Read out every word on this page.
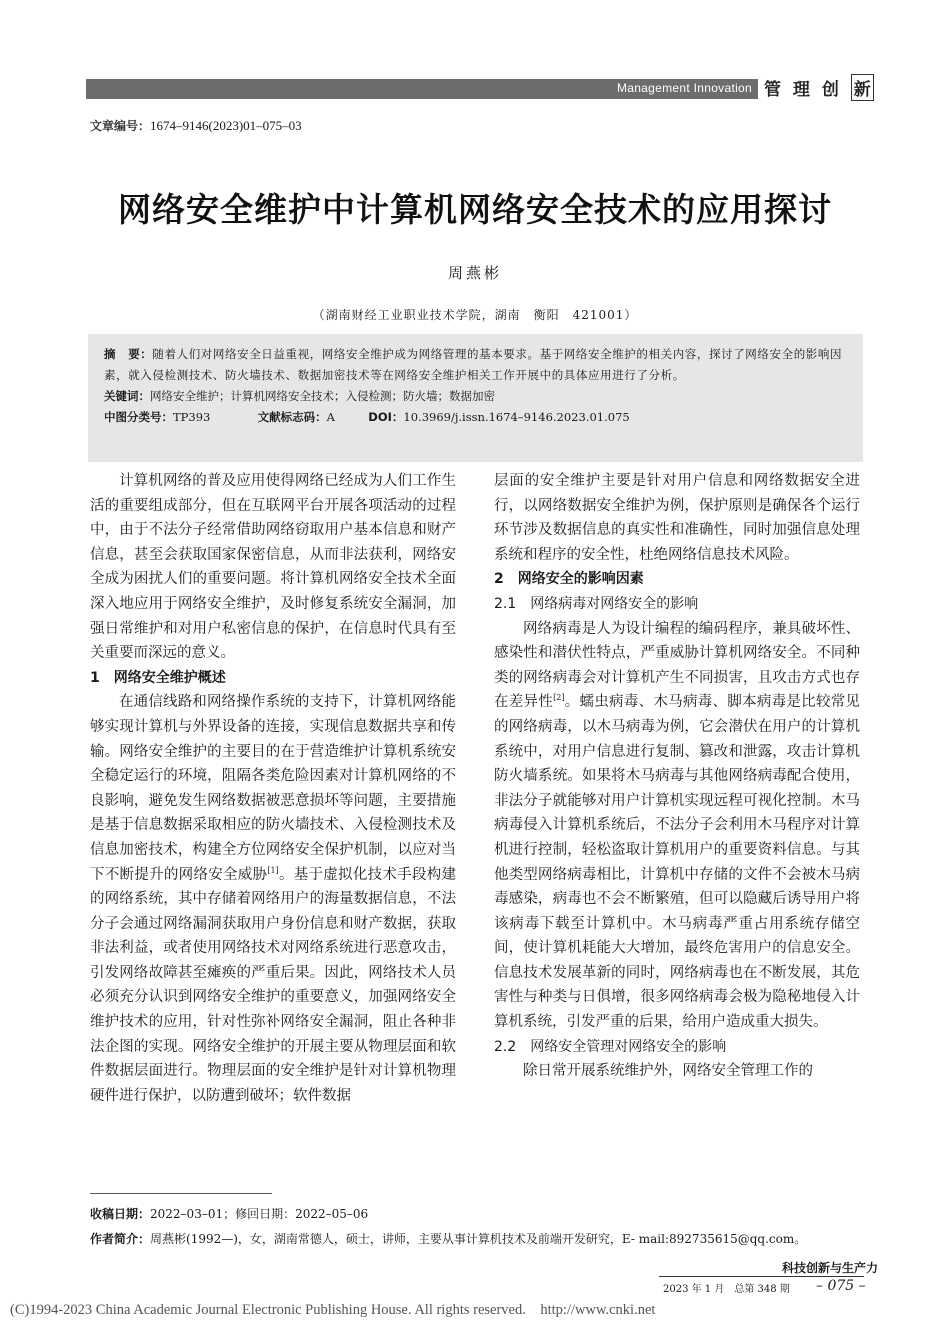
Management Innovation 管 理 创 新
文章编号：1674–9146(2023)01–075–03
网络安全维护中计算机网络安全技术的应用探讨
周燕彬
（湖南财经工业职业技术学院，湖南　衡阳　421001）
摘　要：随着人们对网络安全日益重视，网络安全维护成为网络管理的基本要求。基于网络安全维护的相关内容，探讨了网络安全的影响因素，就入侵检测技术、防火墙技术、数据加密技术等在网络安全维护相关工作开展中的具体应用进行了分析。
关键词：网络安全维护；计算机网络安全技术；入侵检测；防火墙；数据加密
中图分类号：TP393	文献标志码：A	DOI：10.3969/j.issn.1674–9146.2023.01.075

计算机网络的普及应用使得网络已经成为人们工作生活的重要组成部分，但在互联网平台开展各项活动的过程中，由于不法分子经常借助网络窃取用户基本信息和财产信息，甚至会获取国家保密信息，从而非法获利，网络安全成为困扰人们的重要问题。将计算机网络安全技术全面深入地应用于网络安全维护，及时修复系统安全漏洞，加强日常维护和对用户私密信息的保护，在信息时代具有至关重要而深远的意义。

1　网络安全维护概述

在通信线路和网络操作系统的支持下，计算机网络能够实现计算机与外界设备的连接，实现信息数据共享和传输。网络安全维护的主要目的在于营造维护计算机系统安全稳定运行的环境，阻隔各类危险因素对计算机网络的不良影响，避免发生网络数据被恶意损坏等问题，主要措施是基于信息数据采取相应的防火墙技术、入侵检测技术及信息加密技术，构建全方位网络安全保护机制，以应对当下不断提升的网络安全威胁[1]。基于虚拟化技术手段构建的网络系统，其中存储着网络用户的海量数据信息，不法分子会通过网络漏洞获取用户身份信息和财产数据，获取非法利益，或者使用网络技术对网络系统进行恶意攻击，引发网络故障甚至瘫痪的严重后果。因此，网络技术人员必须充分认识到网络安全维护的重要意义，加强网络安全维护技术的应用，针对性弥补网络安全漏洞，阻止各种非法企图的实现。网络安全维护的开展主要从物理层面和软件数据层面进行。物理层面的安全维护是针对计算机物理硬件进行保护，以防遭到破坏；软件数据

层面的安全维护主要是针对用户信息和网络数据安全进行，以网络数据安全维护为例，保护原则是确保各个运行环节涉及数据信息的真实性和准确性，同时加强信息处理系统和程序的安全性，杜绝网络信息技术风险。

2　网络安全的影响因素
2.1　网络病毒对网络安全的影响

网络病毒是人为设计编程的编码程序，兼具破坏性、感染性和潜伏性特点，严重威胁计算机网络安全。不同种类的网络病毒会对计算机产生不同损害，且攻击方式也存在差异性[2]。蠕虫病毒、木马病毒、脚本病毒是比较常见的网络病毒，以木马病毒为例，它会潜伏在用户的计算机系统中，对用户信息进行复制、篡改和泄露，攻击计算机防火墙系统。如果将木马病毒与其他网络病毒配合使用，非法分子就能够对用户计算机实现远程可视化控制。木马病毒侵入计算机系统后，不法分子会利用木马程序对计算机进行控制，轻松盗取计算机用户的重要资料信息。与其他类型网络病毒相比，计算机中存储的文件不会被木马病毒感染，病毒也不会不断繁殖，但可以隐藏后诱导用户将该病毒下载至计算机中。木马病毒严重占用系统存储空间，使计算机耗能大大增加，最终危害用户的信息安全。信息技术发展革新的同时，网络病毒也在不断发展，其危害性与种类与日俱增，很多网络病毒会极为隐秘地侵入计算机系统，引发严重的后果，给用户造成重大损失。

2.2　网络安全管理对网络安全的影响

除日常开展系统维护外，网络安全管理工作的

收稿日期：2022–03–01；修回日期：2022–05–06
作者简介：周燕彬(1992—)，女，湖南常德人，硕士，讲师，主要从事计算机技术及前端开发研究，E- mail:892735615@qq.com。
科技创新与生产力
2023 年 1 月　总第 348 期 – 075 –
(C)1994-2023 China Academic Journal Electronic Publishing House. All rights reserved.　http://www.cnki.net
